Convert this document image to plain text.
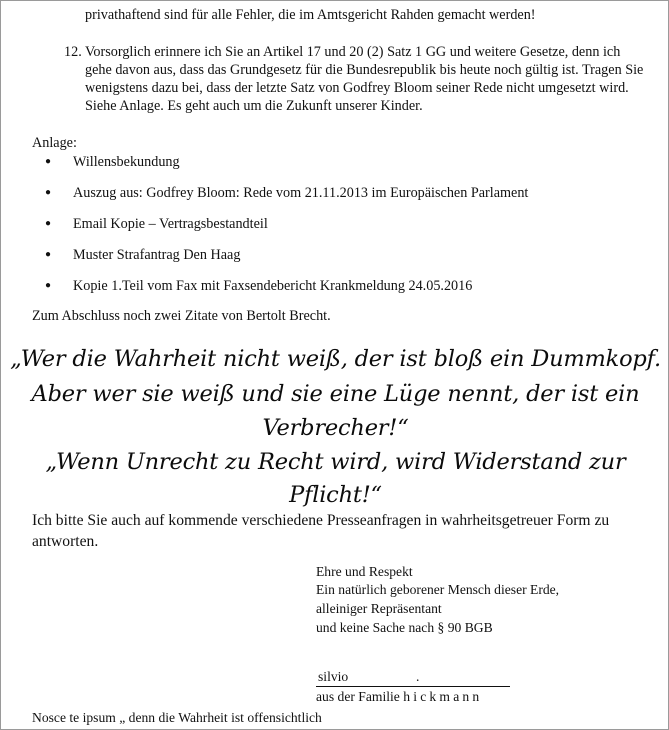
privathaftend sind für alle Fehler, die im Amtsgericht Rahden gemacht werden!
12. Vorsorglich erinnere ich Sie an Artikel 17 und 20 (2) Satz 1 GG und weitere Gesetze, denn ich
gehe davon aus, dass das Grundgesetz für die Bundesrepublik bis heute noch gültig ist. Tragen Sie
wenigstens dazu bei, dass der letzte Satz von Godfrey Bloom seiner Rede nicht umgesetzt wird.
Siehe Anlage. Es geht auch um die Zukunft unserer Kinder.
Anlage:
● Willensbekundung
● Auszug aus: Godfrey Bloom: Rede vom 21.11.2013 im Europäischen Parlament
● Email Kopie – Vertragsbestandteil
● Muster Strafantrag Den Haag
● Kopie 1.Teil vom Fax mit Faxsendebericht Krankmeldung 24.05.2016
Zum Abschluss noch zwei Zitate von Bertolt Brecht.
„Wer die Wahrheit nicht weiß, der ist bloß ein Dummkopf.
Aber wer sie weiß und sie eine Lüge nennt, der ist ein
Verbrecher!“
„Wenn Unrecht zu Recht wird, wird Widerstand zur
Pflicht!“
Ich bitte Sie auch auf kommende verschiedene Presseanfragen in wahrheitsgetreuer Form zu
antworten.
Ehre und Respekt
Ein natürlich geborener Mensch dieser Erde,
alleiniger Repräsentant
und keine Sache nach § 90 BGB
silvio	.
aus der Familie hickmann
Nosce te ipsum „ denn die Wahrheit ist offensichtlich
